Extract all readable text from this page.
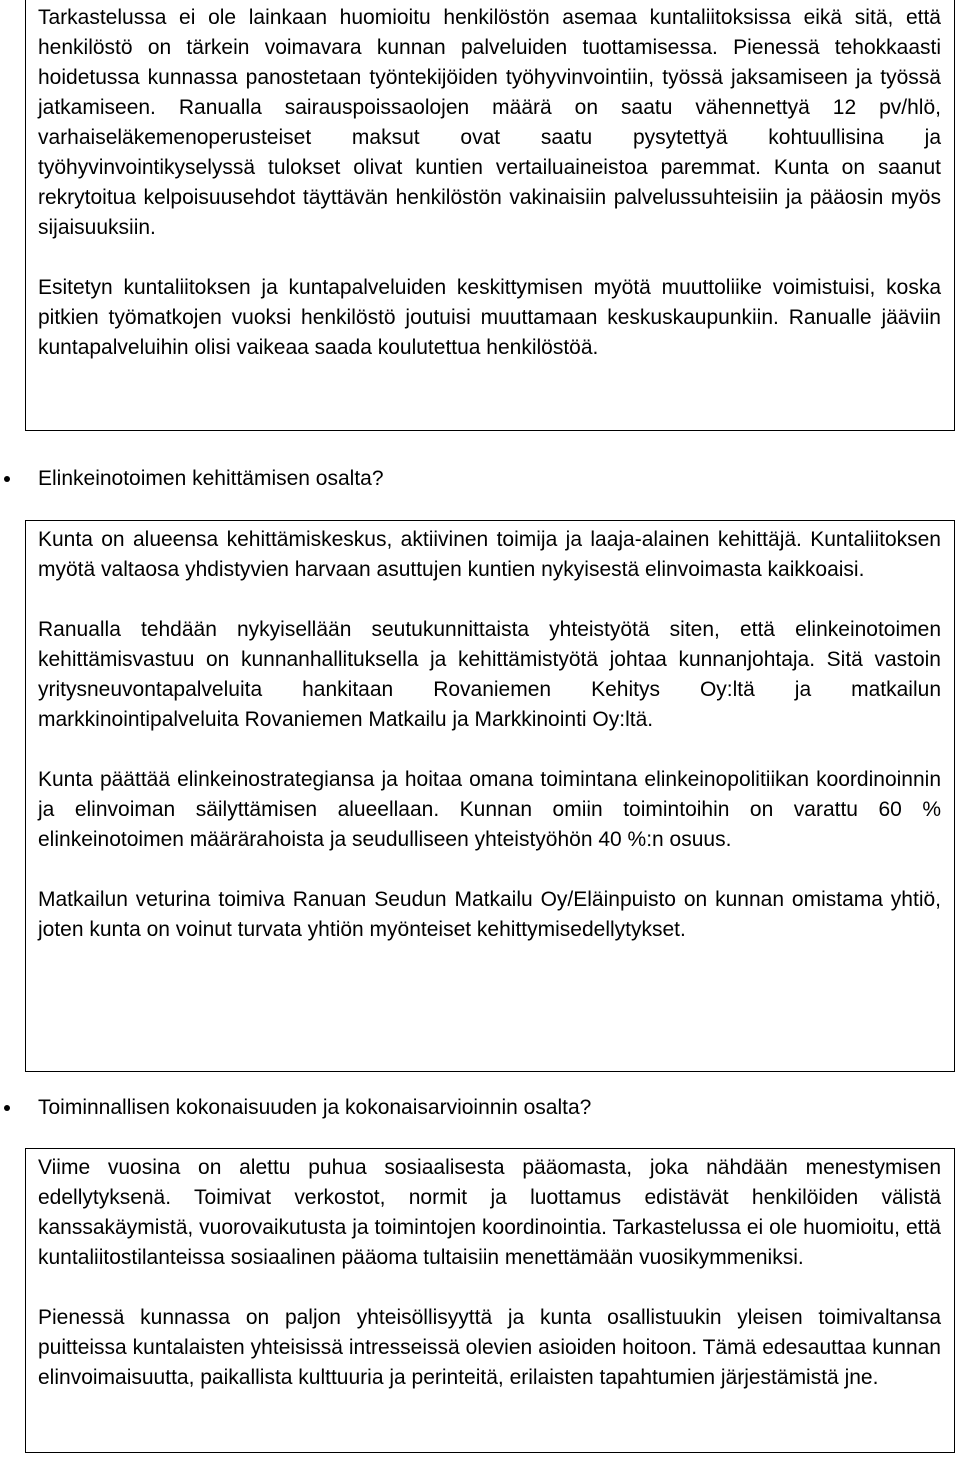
Tarkastelussa ei ole lainkaan huomioitu henkilöstön asemaa kuntaliitoksissa eikä sitä, että henkilöstö on tärkein voimavara kunnan palveluiden tuottamisessa. Pienessä tehokkaasti hoidetussa kunnassa panostetaan työntekijöiden työhyvinvointiin, työssä jaksamiseen ja työssä jatkamiseen. Ranualla sairauspoissaolojen määrä on saatu vähennettyä 12 pv/hlö, varhaiseläkemenoperusteiset maksut ovat saatu pysytettyä kohtuullisina ja työhyvinvointikyselyssä tulokset olivat kuntien vertailuaineistoa paremmat. Kunta on saanut rekrytoitua kelpoisuusehdot täyttävän henkilöstön vakinaisiin palvelussuhteisiin ja pääosin myös sijaisuuksiin.

Esitetyn kuntaliitoksen ja kuntapalveluiden keskittymisen myötä muuttoliike voimistuisi, koska pitkien työmatkojen vuoksi henkilöstö joutuisi muuttamaan keskuskaupunkiin. Ranualle jääviin kuntapalveluihin olisi vaikeaa saada koulutettua henkilöstöä.

Elinkeinotoimen kehittämisen osalta?

Kunta on alueensa kehittämiskeskus, aktiivinen toimija ja laaja-alainen kehittäjä. Kuntaliitoksen myötä valtaosa yhdistyvien harvaan asuttujen kuntien nykyisestä elinvoimasta kaikkoaisi.

Ranualla tehdään nykyisellään seutukunnittaista yhteistyötä siten, että elinkeinotoimen kehittämisvastuu on kunnanhallituksella ja kehittämistyötä johtaa kunnanjohtaja. Sitä vastoin yritysneuvontapalveluita hankitaan Rovaniemen Kehitys Oy:ltä ja matkailun markkinointipalveluita Rovaniemen Matkailu ja Markkinointi Oy:ltä.

Kunta päättää elinkeinostrategiansa ja hoitaa omana toimintana elinkeinopolitiikan koordinoinnin ja elinvoiman säilyttämisen alueellaan. Kunnan omiin toimintoihin on varattu 60 % elinkeinotoimen määrärahoista ja seudulliseen yhteistyöhön 40 %:n osuus.

Matkailun veturina toimiva Ranuan Seudun Matkailu Oy/Eläinpuisto on kunnan omistama yhtiö, joten kunta on voinut turvata yhtiön myönteiset kehittymisedellytykset.

Toiminnallisen kokonaisuuden ja kokonaisarvioinnin osalta?

Viime vuosina on alettu puhua sosiaalisesta pääomasta, joka nähdään menestymisen edellytyksenä. Toimivat verkostot, normit ja luottamus edistävät henkilöiden välistä kanssakäymistä, vuorovaikutusta ja toimintojen koordinointia. Tarkastelussa ei ole huomioitu, että kuntaliitostilanteissa sosiaalinen pääoma tultaisiin menettämään vuosikymmeniksi.

Pienessä kunnassa on paljon yhteisöllisyyttä ja kunta osallistuukin yleisen toimivaltansa puitteissa kuntalaisten yhteisissä intresseissä olevien asioiden hoitoon. Tämä edesauttaa kunnan elinvoimaisuutta, paikallista kulttuuria ja perinteitä, erilaisten tapahtumien järjestämistä jne.
